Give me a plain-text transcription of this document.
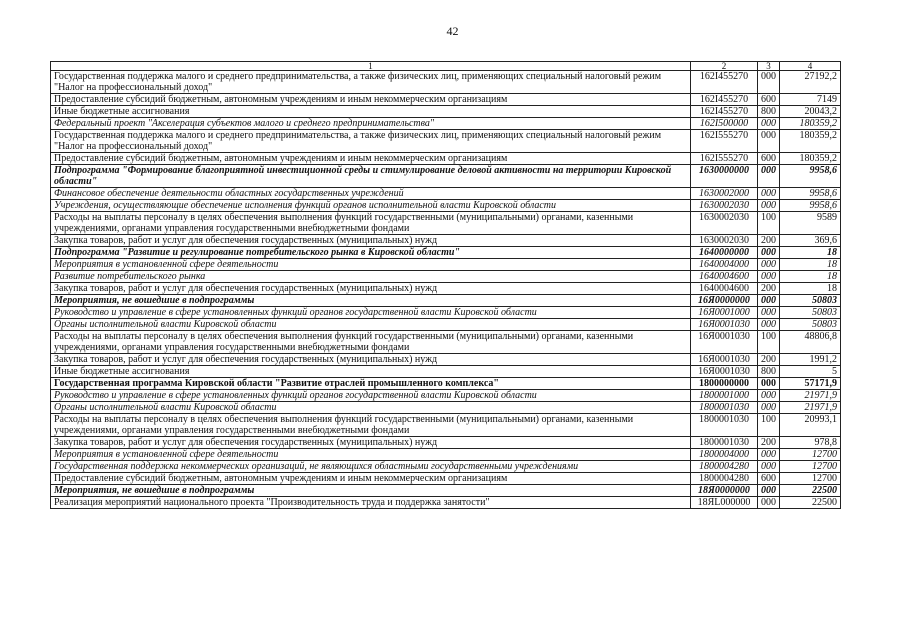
42
1	2	3	4
Государственная поддержка малого и среднего предпринимательства, а также физических лиц, применяющих специальный налоговый режим "Налог на профессиональный доход"	162I455270	000	27192,2
Предоставление субсидий бюджетным, автономным учреждениям и иным некоммерческим организациям	162I455270	600	7149
Иные бюджетные ассигнования	162I455270	800	20043,2
Федеральный проект "Акселерация субъектов малого и среднего предпринимательства"	162I500000	000	180359,2
Государственная поддержка малого и среднего предпринимательства, а также физических лиц, применяющих специальный налоговый режим "Налог на профессиональный доход"	162I555270	000	180359,2
Предоставление субсидий бюджетным, автономным учреждениям и иным некоммерческим организациям	162I555270	600	180359,2
Подпрограмма "Формирование благоприятной инвестиционной среды и стимулирование деловой активности на территории Кировской области"	1630000000	000	9958,6
Финансовое обеспечение деятельности областных государственных учреждений	1630002000	000	9958,6
Учреждения, осуществляющие обеспечение исполнения функций органов исполнительной власти Кировской области	1630002030	000	9958,6
Расходы на выплаты персоналу в целях обеспечения выполнения функций государственными (муниципальными) органами, казенными учреждениями, органами управления государственными внебюджетными фондами	1630002030	100	9589
Закупка товаров, работ и услуг для обеспечения государственных (муниципальных) нужд	1630002030	200	369,6
Подпрограмма "Развитие и регулирование потребительского рынка в Кировской области"	1640000000	000	18
Мероприятия в установленной сфере деятельности	1640004000	000	18
Развитие потребительского рынка	1640004600	000	18
Закупка товаров, работ и услуг для обеспечения государственных (муниципальных) нужд	1640004600	200	18
Мероприятия, не вошедшие в подпрограммы	16Я0000000	000	50803
Руководство и управление в сфере установленных функций органов государственной власти Кировской области	16Я0001000	000	50803
Органы исполнительной власти Кировской области	16Я0001030	000	50803
Расходы на выплаты персоналу в целях обеспечения выполнения функций государственными (муниципальными) органами, казенными учреждениями, органами управления государственными внебюджетными фондами	16Я0001030	100	48806,8
Закупка товаров, работ и услуг для обеспечения государственных (муниципальных) нужд	16Я0001030	200	1991,2
Иные бюджетные ассигнования	16Я0001030	800	5
Государственная программа Кировской области "Развитие отраслей промышленного комплекса"	1800000000	000	57171,9
Руководство и управление в сфере установленных функций органов государственной власти Кировской области	1800001000	000	21971,9
Органы исполнительной власти Кировской области	1800001030	000	21971,9
Расходы на выплаты персоналу в целях обеспечения выполнения функций государственными (муниципальными) органами, казенными учреждениями, органами управления государственными внебюджетными фондами	1800001030	100	20993,1
Закупка товаров, работ и услуг для обеспечения государственных (муниципальных) нужд	1800001030	200	978,8
Мероприятия в установленной сфере деятельности	1800004000	000	12700
Государственная поддержка некоммерческих организаций, не являющихся областными государственными учреждениями	1800004280	000	12700
Предоставление субсидий бюджетным, автономным учреждениям и иным некоммерческим организациям	1800004280	600	12700
Мероприятия, не вошедшие в подпрограммы	18Я0000000	000	22500
Реализация мероприятий национального проекта "Производительность труда и поддержка занятости"	18ЯL000000	000	22500
